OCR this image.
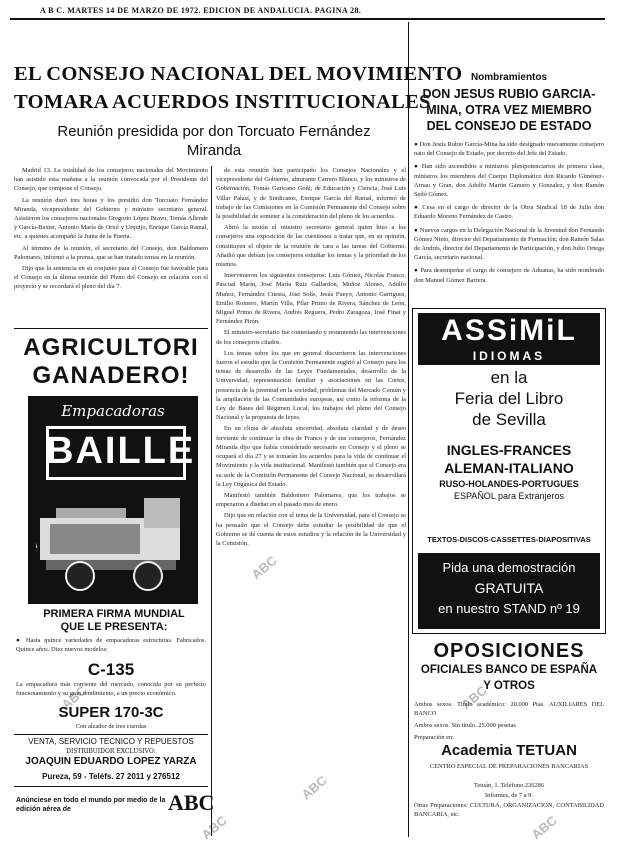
A B C. MARTES 14 DE MARZO DE 1972. EDICION DE ANDALUCIA. PAGINA 28.
EL CONSEJO NACIONAL DEL MOVIMIENTO
TOMARA ACUERDOS INSTITUCIONALES
Reunión presidida por don Torcuato Fernández Miranda

Madrid 13. La totalidad de los consejeros nacionales del Movimiento han asistido esta mañana a la reunión convocada por el Presidente del Consejo, que compone el Consejo.

La reunión duró tres horas y los presidió don Torcuato Fernández Miranda, vicepresidente del Gobierno y ministro secretario general. Asistieron los consejeros nacionales Gregorio López Bravo, Tomás Allende y García-Baxter, Antonio María de Oriol y Urquijo, Enrique García Ramal, etc. a quienes acompañó la Junta de la Puerta.

Al término de la reunión, el secretario del Consejo, don Baldomero Palomares, informó a la prensa, que se han tratado temas en la reunión.

Dijo que la sentencia en su conjunto para el Consejo fue favorable para el Consejo en la última reunión del Pleno del Consejo en relación con el proyecto y se recordará el pleno del día 7.

de esta reunión han participado los Consejos Nacionales y el vicepresidente del Gobierno, almirante Carrero Blanco, y los ministros de Gobernación, Tomás Garicano Goñi; de Educación y Ciencia, José Luis Villar Palasí, y de Sindicatos, Enrique García del Ramal, informó de trabajo de las Comisiones en la Comisión Permanente del Consejo sobre la posibilidad de someter a la consideración del pleno de los acuerdos.

Abrió la sesión el ministro secretario general quien hizo a los consejeros una exposición de las cuestiones a tratar que, en su opinión, constituyen el objeto de la reunión de cara a las tareas del Gobierno. Añadió que debían los consejeros estudiar los temas y la prioridad de los mismos.

Intervinieron los siguientes consejeros: Luis Gómez, Nicolás Franco, Pascual Marín, José María Ruiz Gallardón, Muñoz Alonso, Adolfo Muñoz, Fernández Cuesta, José Solís, Jesús Fueyo, Antonio Garrigues, Emilio Romero, Martín Villa, Pilar Primo de Rivera, Sánchez de León, Miguel Primo de Rivera, Andrés Reguera, Pedro Zaragoza, José Finat y Fernández Pirón.

El ministro-secretario fue contestando y resumiendo las intervenciones de los consejeros citados.

Los temas sobre los que en general discurrieron las intervenciones fueron el estudio que la Comisión Permanente sugirió al Consejo para los temas de desarrollo de las Leyes Fundamentales, desarrollo de la Universidad, representación familiar y asociaciones en las Cortes, presencia de la juventud en la sociedad, problemas del Mercado Común y la ampliación de las Comunidades europeas, así como la reforma de la Ley de Bases del Régimen Local, los trabajos del pleno del Consejo Nacional y la propuesta de leyes.

En un clima de absoluta sinceridad, absoluta claridad y de deseo ferviente de continuar la obra de Franco y de sus consejeros, Fernández Miranda dijo que había considerado necesario en Consejo y el pleno se ocupará el día 27 y se tomarán los acuerdos para la vida de continuar el Movimiento y la vida institucional. Manifestó también que el Consejo era su sede de la Comisión Permanente del Consejo Nacional, se desarrollará la Ley Orgánica del Estado.

Manifestó también Baldomero Palomares, que los trabajos se empezaron a diseñar en el pasado mes de enero.

Dijo que en relación con el tema de la Universidad, para el Consejo se ha pensado que el Consejo debe estudiar la posibilidad de que el Gobierno se dé cuenta de estos estudios y la relación de la Universidad y la Comisión.

AGRICULTORI
GANADERO!
Empacadoras
BAILLE
PRIMERA FIRMA MUNDIAL
QUE LE PRESENTA:
● Hasta quince variedades de empacadoras estructuras. Fabricados. Quince años. Diez nuevos modelos:
C-135
La empacadora más corriente del mercado, conocida por su perfecto funcionamiento y su gran rendimiento, a un precio económico.
SUPER 170-3C
Con alzador de tres cuerdas
VENTA, SERVICIO TECNICO Y REPUESTOS
DISTRIBUIDOR EXCLUSIVO:
JOAQUIN EDUARDO LOPEZ YARZA
Pureza, 59 - Teléfs. 27 2011 y 276512
Anúnciese en todo el mundo por medio de la edición aérea de	ABC
Nombramientos
DON JESUS RUBIO GARCIA-MINA, OTRA VEZ MIEMBRO DEL CONSEJO DE ESTADO

● Don Jesús Rubio García-Mina ha sido designado nuevamente consejero nato del Consejo de Estado, por decreto del Jefe del Estado.

● Han sido ascendidos a ministros plenipotenciarios de primera clase, ministros los miembros del Cuerpo Diplomático don Ricardo Giménez-Arnau y Gran, don Adolfo Martín Gamero y Gonzalez, y don Ramón Sedó Gómez.

● Cesa en el cargo de director de la Obra Sindical 18 de Julio don Eduardo Moreno Fernández de Castro.

● Nuevos cargos en la Delegación Nacional de la Juventud don Fernando Gómez Nieto, director del Departamento de Formación; don Ramón Salas de Andrés, director del Departamento de Participación, y don Julio Ortega García, secretario nacional.

● Para desempeñar el cargo de consejero de Aduanas, ha sido nombrado don Manuel Gómez Barrera.

ASSiMiL
IDIOMAS
en la
Feria del Libro
de Sevilla
INGLES-FRANCES
ALEMAN-ITALIANO
RUSO-HOLANDES-PORTUGUES
ESPAÑOL para Extranjeros
TEXTOS-DISCOS-CASSETTES-DIAPOSITIVAS
Pida una demostración
GRATUITA
en nuestro STAND nº 19
OPOSICIONES
OFICIALES BANCO DE ESPAÑA
Y OTROS
Ambos sexos. Título académico: 20.000 Ptas. AUXILIARES DEL BANCO
Ambos sexos. Sin título. 25.000 pesetas
Preparación en:
Academia TETUAN
CENTRO ESPECIAL DE PREPARACIONES BANCARIAS
Tetuán, 1. Teléfono 226286
Informes, de 7 a 9.
Otras Preparaciones: CULTURA, ORGANIZACION, CONTABILIDAD BANCARIA, etc.
ABC
ABC
ABC
ABC
ABC	ABC
